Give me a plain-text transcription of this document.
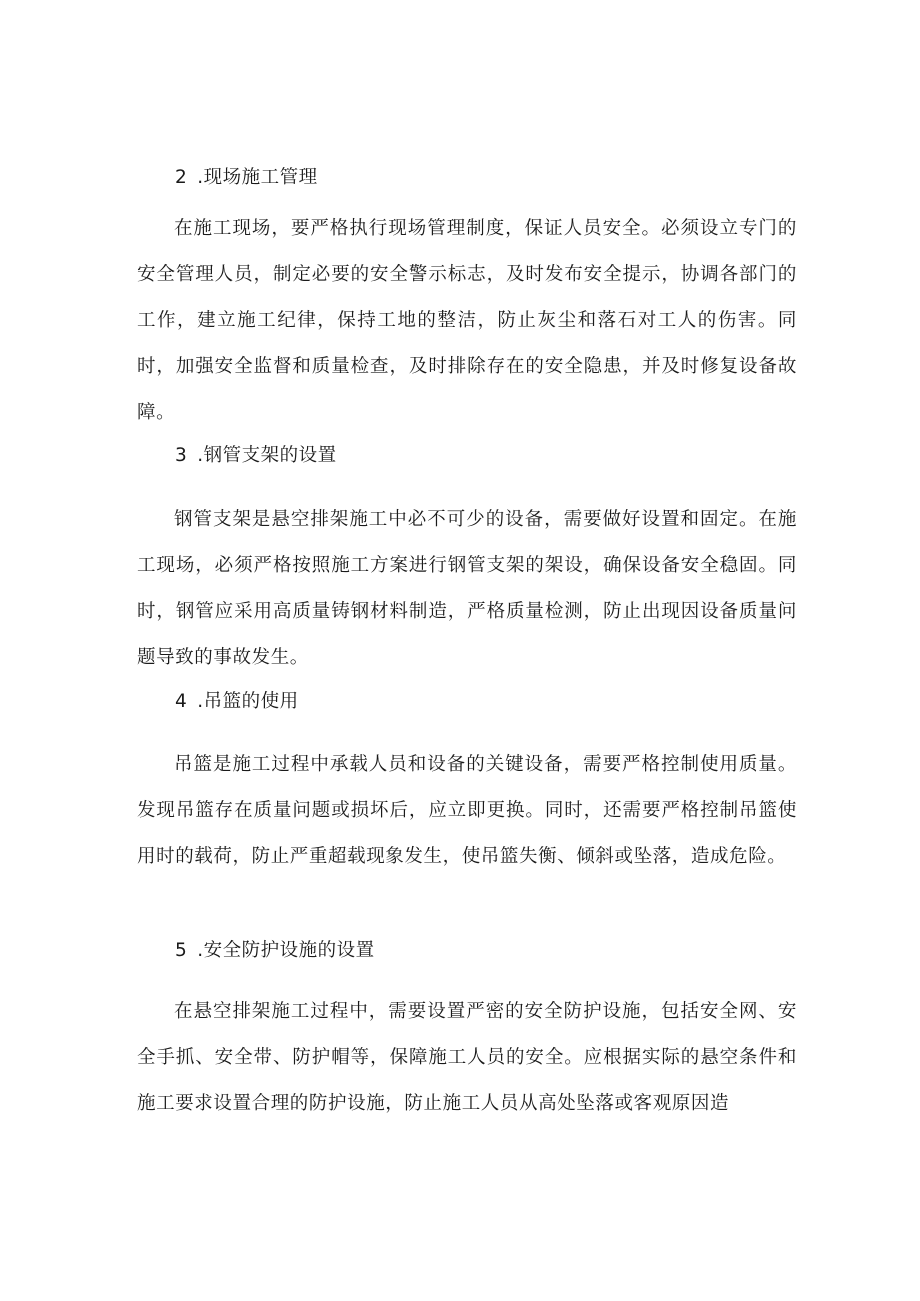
2 .现场施工管理
在施工现场，要严格执行现场管理制度，保证人员安全。必须设立专门的安全管理人员，制定必要的安全警示标志，及时发布安全提示，协调各部门的工作，建立施工纪律，保持工地的整洁，防止灰尘和落石对工人的伤害。同时，加强安全监督和质量检查，及时排除存在的安全隐患，并及时修复设备故障。
3 .钢管支架的设置
钢管支架是悬空排架施工中必不可少的设备，需要做好设置和固定。在施工现场，必须严格按照施工方案进行钢管支架的架设，确保设备安全稳固。同时，钢管应采用高质量铸钢材料制造，严格质量检测，防止出现因设备质量问题导致的事故发生。
4 .吊篮的使用
吊篮是施工过程中承载人员和设备的关键设备，需要严格控制使用质量。发现吊篮存在质量问题或损坏后，应立即更换。同时，还需要严格控制吊篮使用时的载荷，防止严重超载现象发生，使吊篮失衡、倾斜或坠落，造成危险。
5 .安全防护设施的设置
在悬空排架施工过程中，需要设置严密的安全防护设施，包括安全网、安全手抓、安全带、防护帽等，保障施工人员的安全。应根据实际的悬空条件和施工要求设置合理的防护设施，防止施工人员从高处坠落或客观原因造
